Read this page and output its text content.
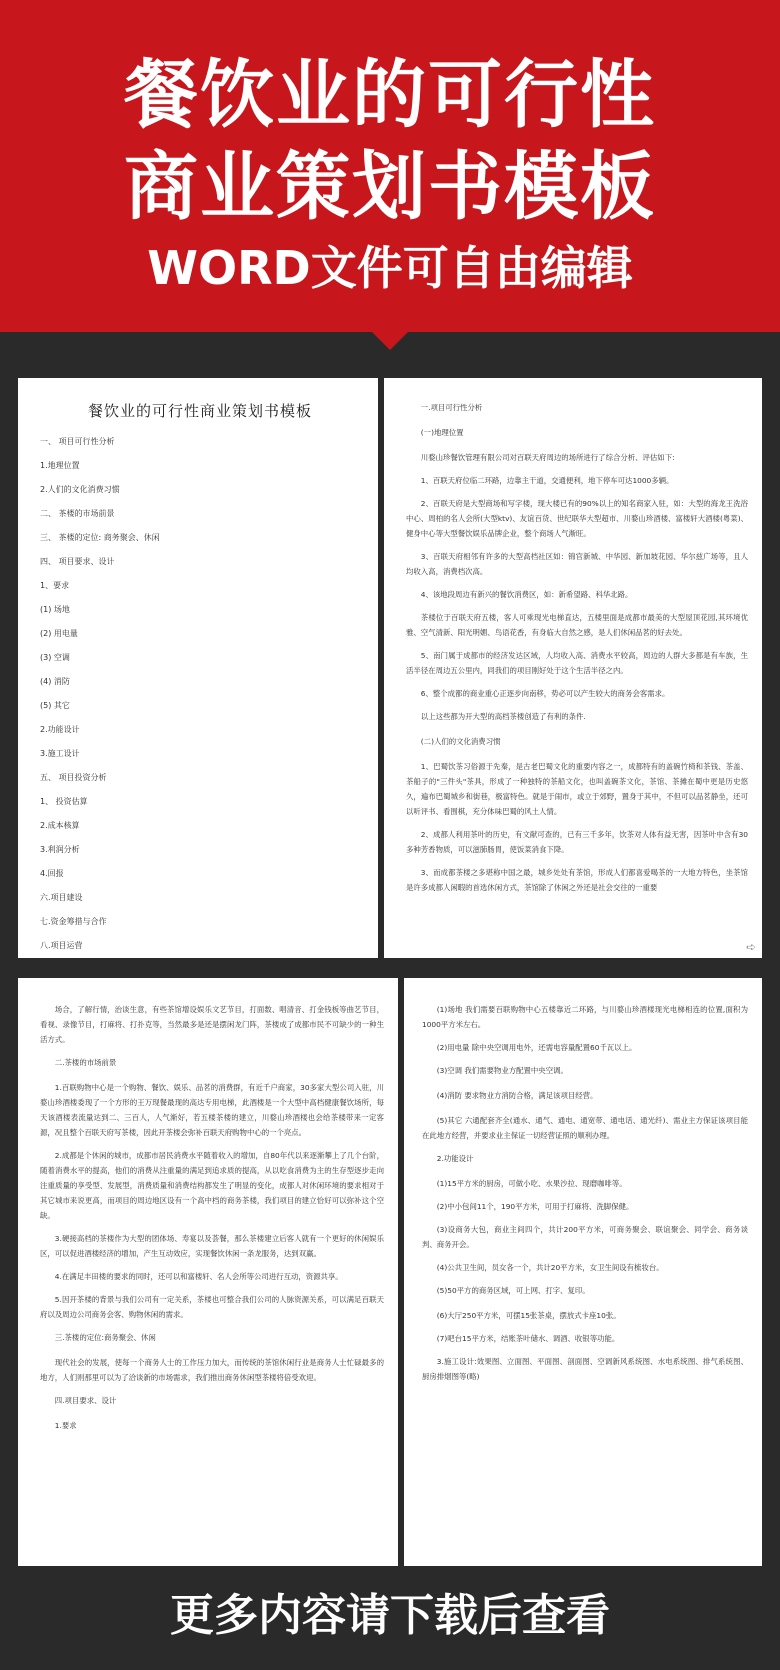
餐饮业的可行性
商业策划书模板
WORD文件可自由编辑
餐饮业的可行性商业策划书模板
一、 项目可行性分析
1.地理位置
2.人们的文化消费习惯
二、 茶楼的市场前景
三、 茶楼的定位: 商务聚会、休闲
四、 项目要求、设计
1、要求
(1) 场地
(2) 用电量
(3) 空调
(4) 消防
(5) 其它
2.功能设计
3.施工设计
五、 项目投资分析
1、 投资估算
2.成本核算
3.利润分析
4.回报
六.项目建设
七.资金筹措与合作
八.项目运营

一.项目可行性分析

(一)地理位置

川婺山珍餐饮管理有限公司对百联天府周边的场所进行了综合分析、评估如下:

1、百联天府位临二环路，边靠主干道，交通便利，地下停车可达1000多辆。

2、百联天府是大型商场和写字楼，现大楼已有的90%以上的知名商家入驻，如：大型的海龙王洗浴中心、周柏的名人会所(大型ktv)、友谊百货、世纪联华大型超市、川婺山珍酒楼、富楼轩大酒楼(粤菜)、健身中心等大型餐饮娱乐品牌企业，整个商场人气渐旺。

3、百联天府相邻有许多的大型高档社区如：锦官新城、中华园、新加坡花园、华尔兹广场等，且人均收入高，消费档次高。

4、该地段周边有新兴的餐饮消费区，如：新希望路、科华北路。

茶楼位于百联天府五楼，客人可乘现光电梯直达，五楼里面是成都市最美的大型屋顶花园,其环境优雅、空气清新、阳光明媚、鸟语花香，有身临大自然之感，是人们休闲品茗的好去处。

5、南门属于成都市的经济发达区域，人均收入高、消费水平较高，周边的人群大多都是有车族，生活半径在周边五公里内，同我们的项目刚好处于这个生活半径之内。

6、整个成都的商业重心正逐步向南移，势必可以产生较大的商务会客需求。

以上这些都为开大型的高档茶楼创造了有利的条件.

(二)人们的文化消费习惯

1、巴蜀饮茶习俗源于先秦，是古老巴蜀文化的重要内容之一，成都特有的盖碗竹椅和茶钱、茶盖、茶船子的"三件头"茶具，形成了一种独特的茶船文化，也叫盖碗茶文化，茶馆、茶摊在蜀中更是历史悠久，遍布巴蜀城乡和街巷，极富特色。就是于闹市，或立于郊野，置身于其中，不但可以品茗静坐，还可以听评书、看围棋，充分体味巴蜀的风土人情。

2、成都人利用茶叶的历史，有文献可查的，已有三千多年，饮茶对人体有益无害，因茶叶中含有30多种芳香物质，可以滋肺肠胃，使饭菜消食下降。

3、而成都茶楼之多堪称中国之最，城乡处处有茶馆，形成人们都喜爱喝茶的一大地方特色，坐茶馆是许多成都人闲暇的首选休闲方式，茶馆除了休闲之外还是社会交往的一重要

➪

场合，了解行情，治谈生意，有些茶馆增设娱乐文艺节目，打面数、唱清音、打金钱板等曲艺节目，看视、录像节目，打麻将、打扑克等，当然最多是还是摆闲龙门阵，茶楼成了成都市民不可缺少的一种生活方式。

二.茶楼的市场前景

1.百联购物中心是一个购物、餐饮、娱乐、品茗的消费群，有近千户商家，30多家大型公司入驻，川婺山珍酒楼委现了一个方形的王万现餐最现的高达专用电梯，此酒楼是一个大型中高档健康餐饮场所，每天该酒楼表流量达到二、三百人，人气渐好，若五楼茶楼的建立，川婺山珍酒楼也会给茶楼带来一定客源，况且整个百联天府写茶楼，因此开茶楼会弥补百联天府购物中心的一个亮点。

2.成都是个休闲的城市，成都市居民消费水平随着收入的增加，自80年代以来逐渐攀上了几个台阶，随着消费水平的提高，他们的消费从注重量的满足到追求质的提高，从以吃食消费为主的生存型逐步走向注重质量的享受型、发展型，消费质量和消费结构都发生了明显的变化，成都人对休闲环境的要求相对于其它城市来说更高，而项目的周边地区设有一个高中档的商务茶楼，我们项目的建立恰好可以弥补这个空缺。

3.硬接高档的茶楼作为大型的团体场、寿宴以及荟餐，那么茶楼建立后客人就有一个更好的休闲娱乐区，可以促进酒楼经济的增加，产生互动效应，实现餐饮休闲一条龙服务，达到双赢。

4.在满足丰田楼的要求的同时，还可以和富楼轩、名人会所等公司进行互动，资源共享。

5.因开茶楼的背景与我们公司有一定关系，茶楼也可整合我们公司的人脉资源关系，可以满足百联天府以及周边公司商务会客、购物休闲的需求。

三.茶楼的定位:商务聚会、休闲

现代社会的发展，使每一个商务人士的工作压力加大，而传统的茶馆休闲行业是商务人士忙碌最多的地方，人们则那里可以为了洽谈新的市场需求，我们推出商务休闲型茶楼将倍受欢迎。

四.项目要求、设计

1.要求

(1)场地 我们需要百联购物中心五楼靠近二环路，与川婺山珍酒楼现光电梯相连的位置,面积为1000平方米左右。

(2)用电量 除中央空调用电外，还需电容量配置60千瓦以上。

(3)空调 我们需要物业方配置中央空调。

(4)消防 要求物业方消防合格，满足该项目经营。

(5)其它 六通配套齐全(通水、通气、通电、通宽带、通电话、通光纤)、需业主方保证该项目能在此地方经营，并要求业主保证一切经营证照的顺利办理。

2.功能设计

(1)15平方米的厨房，可做小吃、水果沙拉、现磨咖啡等。

(2)中小包间11个，190平方米，可用于打麻将、洗脚保健。

(3)设商务大包，商业主间四个，共计200平方米，可商务聚会、联谊聚会、同学会、商务谈判、商务开会。

(4)公共卫生间，员女各一个，共计20平方米，女卫生间设有梳妆台。

(5)50平方的商务区域，可上网、打字、复印。

(6)大厅250平方米，可摆15张茶桌，摆放式卡座10张。

(7)吧台15平方米，结账茶叶储水、调酒、收银等功能。

3.施工设计:效果图、立面图、平面图、剖面图、空调新风系统图、水电系统图、排气系统图、厨房排烟图等(略)

更多内容请下载后查看
